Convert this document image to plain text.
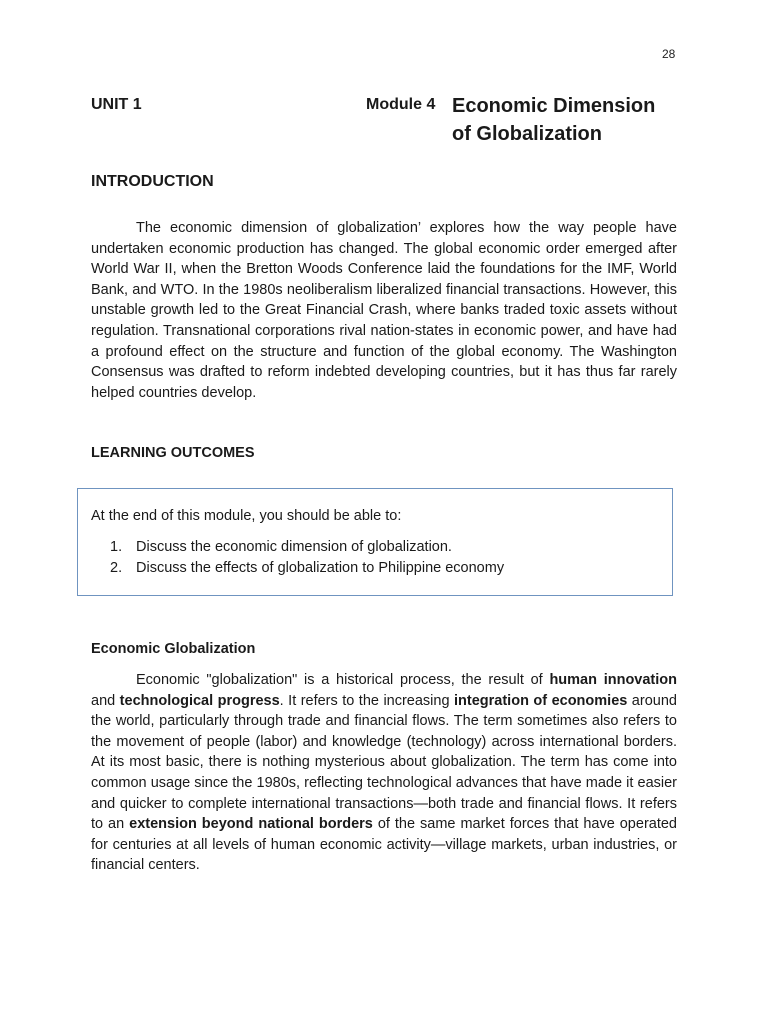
28
UNIT 1	Module 4 Economic Dimension
of Globalization
INTRODUCTION

The economic dimension of globalization’ explores how the way people have undertaken economic production has changed. The global economic order emerged after World War II, when the Bretton Woods Conference laid the foundations for the IMF, World Bank, and WTO. In the 1980s neoliberalism liberalized financial transactions. However, this unstable growth led to the Great Financial Crash, where banks traded toxic assets without regulation. Transnational corporations rival nation-states in economic power, and have had a profound effect on the structure and function of the global economy. The Washington Consensus was drafted to reform indebted developing countries, but it has thus far rarely helped countries develop.

LEARNING OUTCOMES
At the end of this module, you should be able to:
1. Discuss the economic dimension of globalization.
2. Discuss the effects of globalization to Philippine economy
Economic Globalization

Economic "globalization" is a historical process, the result of human innovation and technological progress. It refers to the increasing integration of economies around the world, particularly through trade and financial flows. The term sometimes also refers to the movement of people (labor) and knowledge (technology) across international borders. At its most basic, there is nothing mysterious about globalization. The term has come into common usage since the 1980s, reflecting technological advances that have made it easier and quicker to complete international transactions—both trade and financial flows. It refers to an extension beyond national borders of the same market forces that have operated for centuries at all levels of human economic activity—village markets, urban industries, or financial centers.
